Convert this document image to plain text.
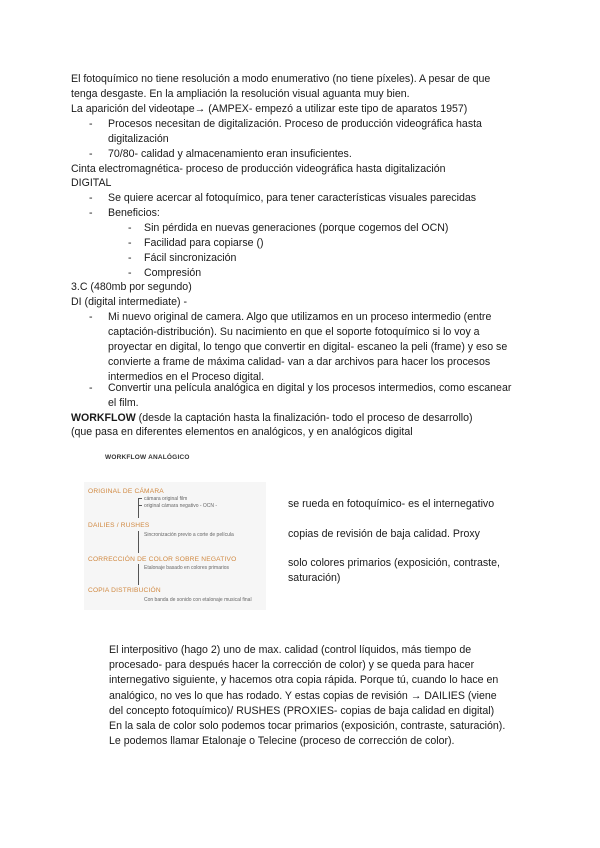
El fotoquímico no tiene resolución a modo enumerativo (no tiene píxeles). A pesar de que
tenga desgaste. En la ampliación la resolución visual aguanta muy bien.
La aparición del videotape→ (AMPEX- empezó a utilizar este tipo de aparatos 1957)
- Procesos necesitan de digitalización. Proceso de producción videográfica hasta digitalización
- 70/80- calidad y almacenamiento eran insuficientes.
Cinta electromagnética- proceso de producción videográfica hasta digitalización
DIGITAL
- Se quiere acercar al fotoquímico, para tener características visuales parecidas
- Beneficios:
- Sin pérdida en nuevas generaciones (porque cogemos del OCN)
- Facilidad para copiarse ()
- Fácil sincronización
- Compresión
3.C (480mb por segundo)
DI (digital intermediate) -
- Mi nuevo original de camera. Algo que utilizamos en un proceso intermedio (entre captación-distribución). Su nacimiento en que el soporte fotoquímico si lo voy a proyectar en digital, lo tengo que convertir en digital- escaneo la peli (frame) y eso se convierte a frame de máxima calidad- van a dar archivos para hacer los procesos intermedios en el Proceso digital.
- Convertir una película analógica en digital y los procesos intermedios, como escanear el film.
WORKFLOW (desde la captación hasta la finalización- todo el proceso de desarrollo)
(que pasa en diferentes elementos en analógicos, y en analógicos digital
WORKFLOW ANALÓGICO
ORIGINAL DE CÁMARA
cámara original film
original cámara negativo - OCN -
DAILIES / RUSHES
Sincronización previo a corte de película
CORRECCIÓN DE COLOR SOBRE NEGATIVO
Etalonaje basado en colores primarios
COPIA DISTRIBUCIÓN
Con banda de sonido con etalonaje musical final
se rueda en fotoquímico- es el internegativo
copias de revisión de baja calidad. Proxy
solo colores primarios (exposición, contraste,
saturación)
El interpositivo (hago 2) uno de max. calidad (control líquidos, más tiempo de
procesado- para después hacer la corrección de color) y se queda para hacer
internegativo siguiente, y hacemos otra copia rápida. Porque tú, cuando lo hace en
analógico, no ves lo que has rodado. Y estas copias de revisión → DAILIES (viene
del concepto fotoquímico)/ RUSHES (PROXIES- copias de baja calidad en digital)
En la sala de color solo podemos tocar primarios (exposición, contraste, saturación).
Le podemos llamar Etalonaje o Telecine (proceso de corrección de color).
